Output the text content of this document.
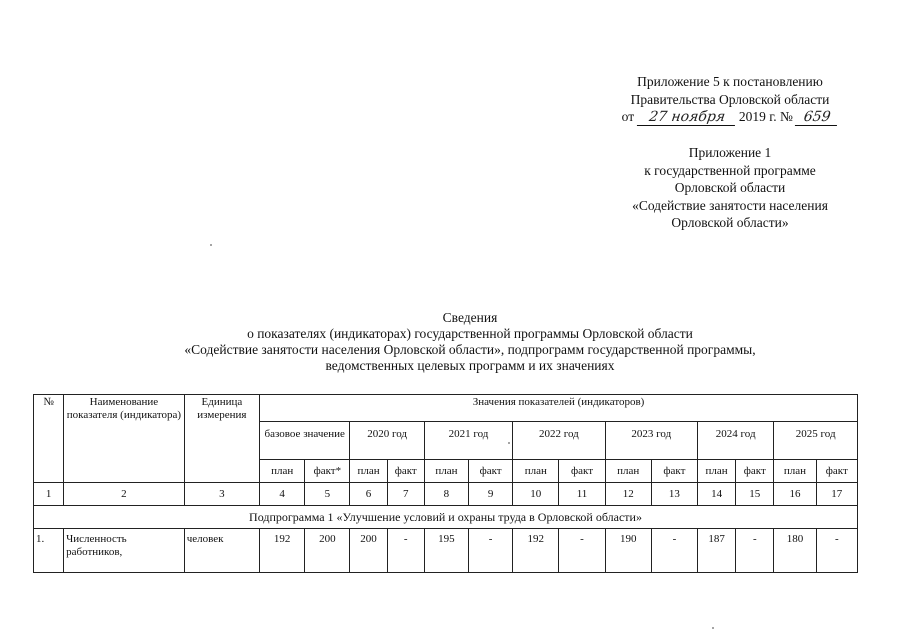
Приложение 5 к постановлению
Правительства Орловской области
от 27 ноября 2019 г. № 659
Приложение 1
к государственной программе
Орловской области
«Содействие занятости населения
Орловской области»
Сведения
о показателях (индикаторах) государственной программы Орловской области
«Содействие занятости населения Орловской области», подпрограмм государственной программы,
ведомственных целевых программ и их значениях
№	Наименование показателя (индикатора)	Единица измерения	Значения показателей (индикаторов)													
			базовое значение		2020 год		2021 год		2022 год		2023 год		2024 год		2025 год	
			план	факт*	план	факт	план	факт	план	факт	план	факт	план	факт	план	факт
1	2	3	4	5	6	7	8	9	10	11	12	13	14	15	16	17
Подпрограмма 1 «Улучшение условий и охраны труда в Орловской области»																
1.	Численность работников,	человек	192	200	200	-	195	-	192	-	190	-	187	-	180	-
